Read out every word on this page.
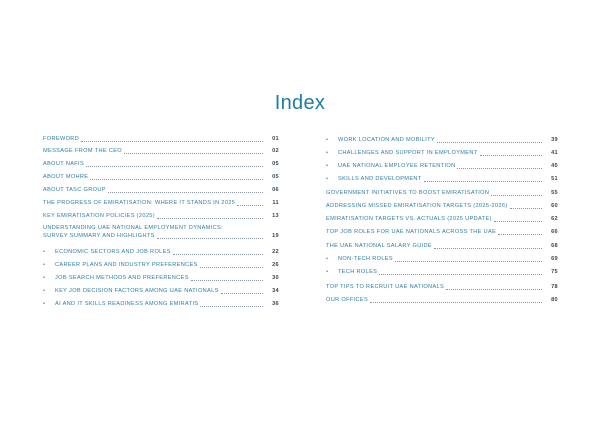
Index
FOREWORD	01
MESSAGE FROM THE CEO	02
ABOUT NAFIS	05
ABOUT MOHRE	05
ABOUT TASC GROUP	06
THE PROGRESS OF EMIRATISATION: WHERE IT STANDS IN 2025	11
KEY EMIRATISATION POLICIES (2025)	13
UNDERSTANDING UAE NATIONAL EMPLOYMENT DYNAMICS:
SURVEY SUMMARY AND HIGHLIGHTS	19
•	ECONOMIC SECTORS AND JOB ROLES	22
•	CAREER PLANS AND INDUSTRY PREFERENCES	26
•	JOB SEARCH METHODS AND PREFERENCES	30
•	KEY JOB DECISION FACTORS AMONG UAE NATIONALS	34
•	AI AND IT SKILLS READINESS AMONG EMIRATIS	36
•	WORK LOCATION AND MOBILITY	39
•	CHALLENGES AND SUPPORT IN EMPLOYMENT	41
•	UAE NATIONAL EMPLOYEE RETENTION	45
•	SKILLS AND DEVELOPMENT	51
GOVERNMENT INITIATIVES TO BOOST EMIRATISATION	55
ADDRESSING MISSED EMIRATISATION TARGETS (2025-2026)	60
EMIRATISATION TARGETS VS. ACTUALS (2025 UPDATE)	62
TOP JOB ROLES FOR UAE NATIONALS ACROSS THE UAE	66
THE UAE NATIONAL SALARY GUIDE	68
•	NON-TECH ROLES	69
•	TECH ROLES	75
TOP TIPS TO RECRUIT UAE NATIONALS	78
OUR OFFICES	80
